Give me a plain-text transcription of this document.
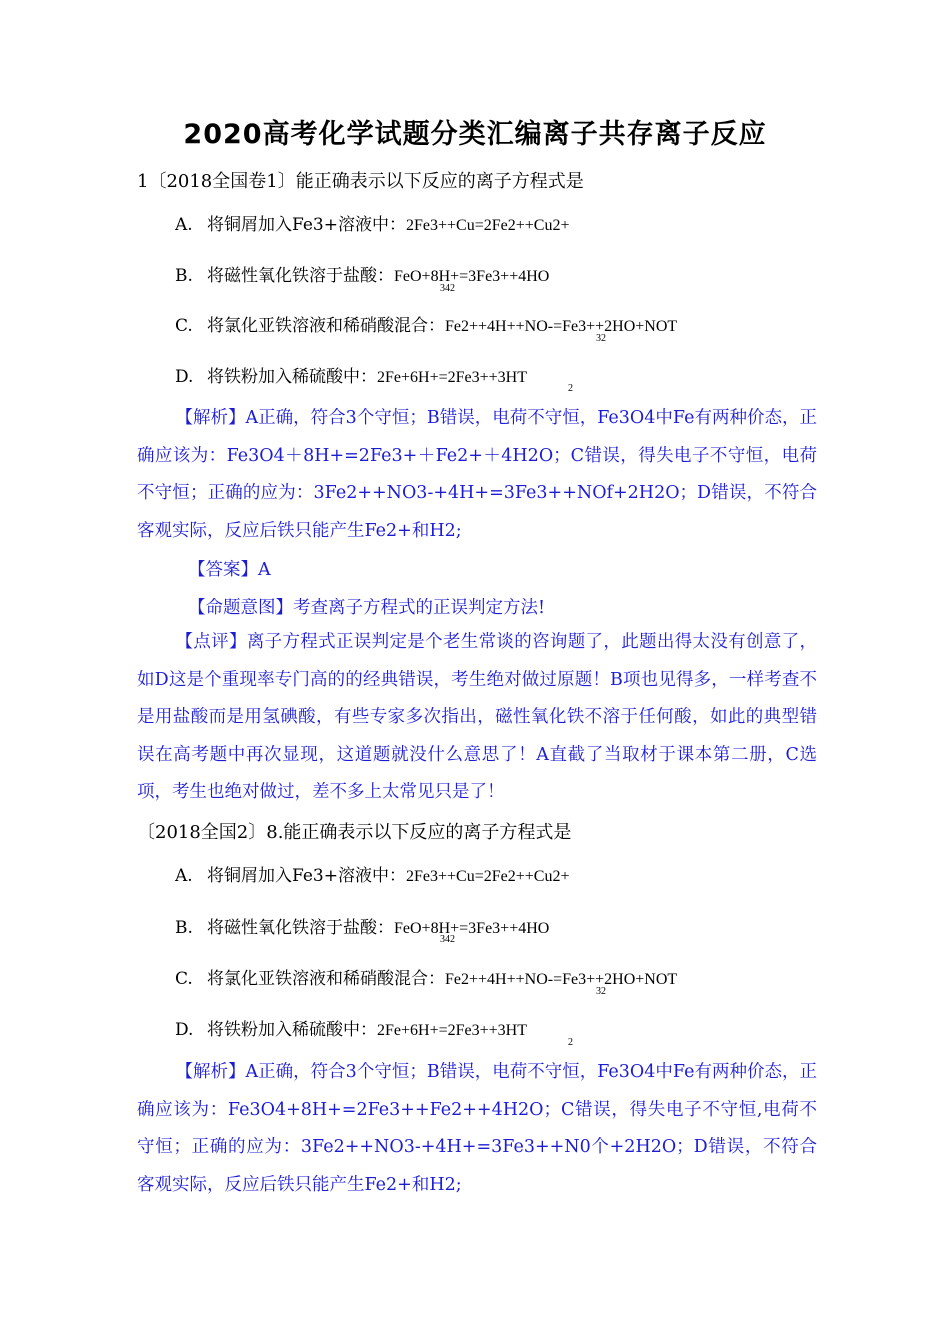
2020高考化学试题分类汇编离子共存离子反应
1〔2018全国卷1〕能正确表示以下反应的离子方程式是
A. 将铜屑加入Fe3+溶液中：2Fe3++Cu=2Fe2++Cu2+
B. 将磁性氧化铁溶于盐酸：FeO+8H+=3Fe3++4HO
342
C. 将氯化亚铁溶液和稀硝酸混合：Fe2++4H++NO-=Fe3++2HO+NOT
32
D. 将铁粉加入稀硫酸中：2Fe+6H+=2Fe3++3HT
2

【解析】A正确，符合3个守恒；B错误，电荷不守恒，Fe3O4中Fe有两种价态，正确应该为：Fe3O4＋8H+=2Fe3+＋Fe2+＋4H2O；C错误，得失电子不守恒，电荷不守恒；正确的应为：3Fe2++NO3-+4H+=3Fe3++NOf+2H2O；D错误，不符合客观实际，反应后铁只能产生Fe2+和H2;

【答案】A
【命题意图】考查离子方程式的正误判定方法!

【点评】离子方程式正误判定是个老生常谈的咨询题了，此题出得太没有创意了，如D这是个重现率专门高的的经典错误，考生绝对做过原题！B项也见得多，一样考查不是用盐酸而是用氢碘酸，有些专家多次指出，磁性氧化铁不溶于任何酸，如此的典型错误在高考题中再次显现，这道题就没什么意思了！A直截了当取材于课本第二册，C选项，考生也绝对做过，差不多上太常见只是了！

〔2018全国2〕8.能正确表示以下反应的离子方程式是
A. 将铜屑加入Fe3+溶液中：2Fe3++Cu=2Fe2++Cu2+
B. 将磁性氧化铁溶于盐酸：FeO+8H+=3Fe3++4HO
342
C. 将氯化亚铁溶液和稀硝酸混合：Fe2++4H++NO-=Fe3++2HO+NOT
32
D. 将铁粉加入稀硫酸中：2Fe+6H+=2Fe3++3HT
2

【解析】A正确，符合3个守恒；B错误，电荷不守恒，Fe3O4中Fe有两种价态，正确应该为：Fe3O4+8H+=2Fe3++Fe2++4H2O；C错误，得失电子不守恒,电荷不守恒；正确的应为：3Fe2++NO3-+4H+=3Fe3++N0个+2H2O；D错误，不符合客观实际，反应后铁只能产生Fe2+和H2;
